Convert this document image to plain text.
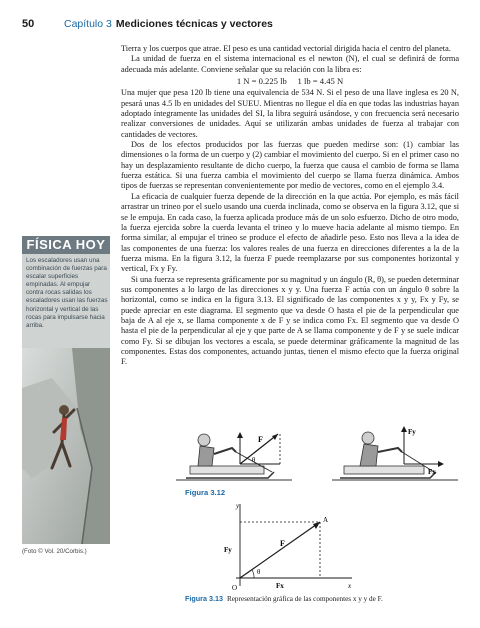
50	Capítulo 3 Mediciones técnicas y vectores

Tierra y los cuerpos que atrae. El peso es una cantidad vectorial dirigida hacia el centro del planeta.

La unidad de fuerza en el sistema internacional es el newton (N), el cual se definirá de forma adecuada más adelante. Conviene señalar que su relación con la libra es:

1 N = 0.225 lb     1 lb = 4.45 N

Una mujer que pesa 120 lb tiene una equivalencia de 534 N. Si el peso de una llave inglesa es 20 N, pesará unas 4.5 lb en unidades del SUEU. Mientras no llegue el día en que todas las industrias hayan adoptado íntegramente las unidades del SI, la libra seguirá usándose, y con frecuencia será necesario realizar conversiones de unidades. Aquí se utilizarán ambas unidades de fuerza al trabajar con cantidades de vectores.

Dos de los efectos producidos por las fuerzas que pueden medirse son: (1) cambiar las dimensiones o la forma de un cuerpo y (2) cambiar el movimiento del cuerpo. Si en el primer caso no hay un desplazamiento resultante de dicho cuerpo, la fuerza que causa el cambio de forma se llama fuerza estática. Si una fuerza cambia el movimiento del cuerpo se llama fuerza dinámica. Ambos tipos de fuerzas se representan convenientemente por medio de vectores, como en el ejemplo 3.4.

La eficacia de cualquier fuerza depende de la dirección en la que actúa. Por ejemplo, es más fácil arrastrar un trineo por el suelo usando una cuerda inclinada, como se observa en la figura 3.12, que si se le empuja. En cada caso, la fuerza aplicada produce más de un solo esfuerzo. Dicho de otro modo, la fuerza ejercida sobre la cuerda levanta el trineo y lo mueve hacia adelante al mismo tiempo. En forma similar, al empujar el trineo se produce el efecto de añadirle peso. Esto nos lleva a la idea de las componentes de una fuerza: los valores reales de una fuerza en direcciones diferentes a la de la fuerza misma. En la figura 3.12, la fuerza F puede reemplazarse por sus componentes horizontal y vertical, Fx y Fy.

Si una fuerza se representa gráficamente por su magnitud y un ángulo (R, θ), se pueden determinar sus componentes a lo largo de las direcciones x y y. Una fuerza F actúa con un ángulo θ sobre la horizontal, como se indica en la figura 3.13. El significado de las componentes x y y, Fx y Fy, se puede apreciar en este diagrama. El segmento que va desde O hasta el pie de la perpendicular que baja de A al eje x, se llama componente x de F y se indica como Fx. El segmento que va desde O hasta el pie de la perpendicular al eje y que parte de A se llama componente y de F y se suele indicar como Fy. Si se dibujan los vectores a escala, se puede determinar gráficamente la magnitud de las componentes. Estas dos componentes, actuando juntas, tienen el mismo efecto que la fuerza original F.

FÍSICA HOY
Los escaladores usan una combinación de fuerzas para escalar superficies empinadas. Al empujar contra rocas salidas los escaladores usan las fuerzas horizontal y vertical de las rocas para impulsarse hacia arriba.
(Foto © Vol. 20/Corbis.)
F
θ
Fy
Fx
Figura 3.12
y
x
O
A
F
Fy
Fx
θ
Figura 3.13 Representación gráfica de las componentes x y y de F.
